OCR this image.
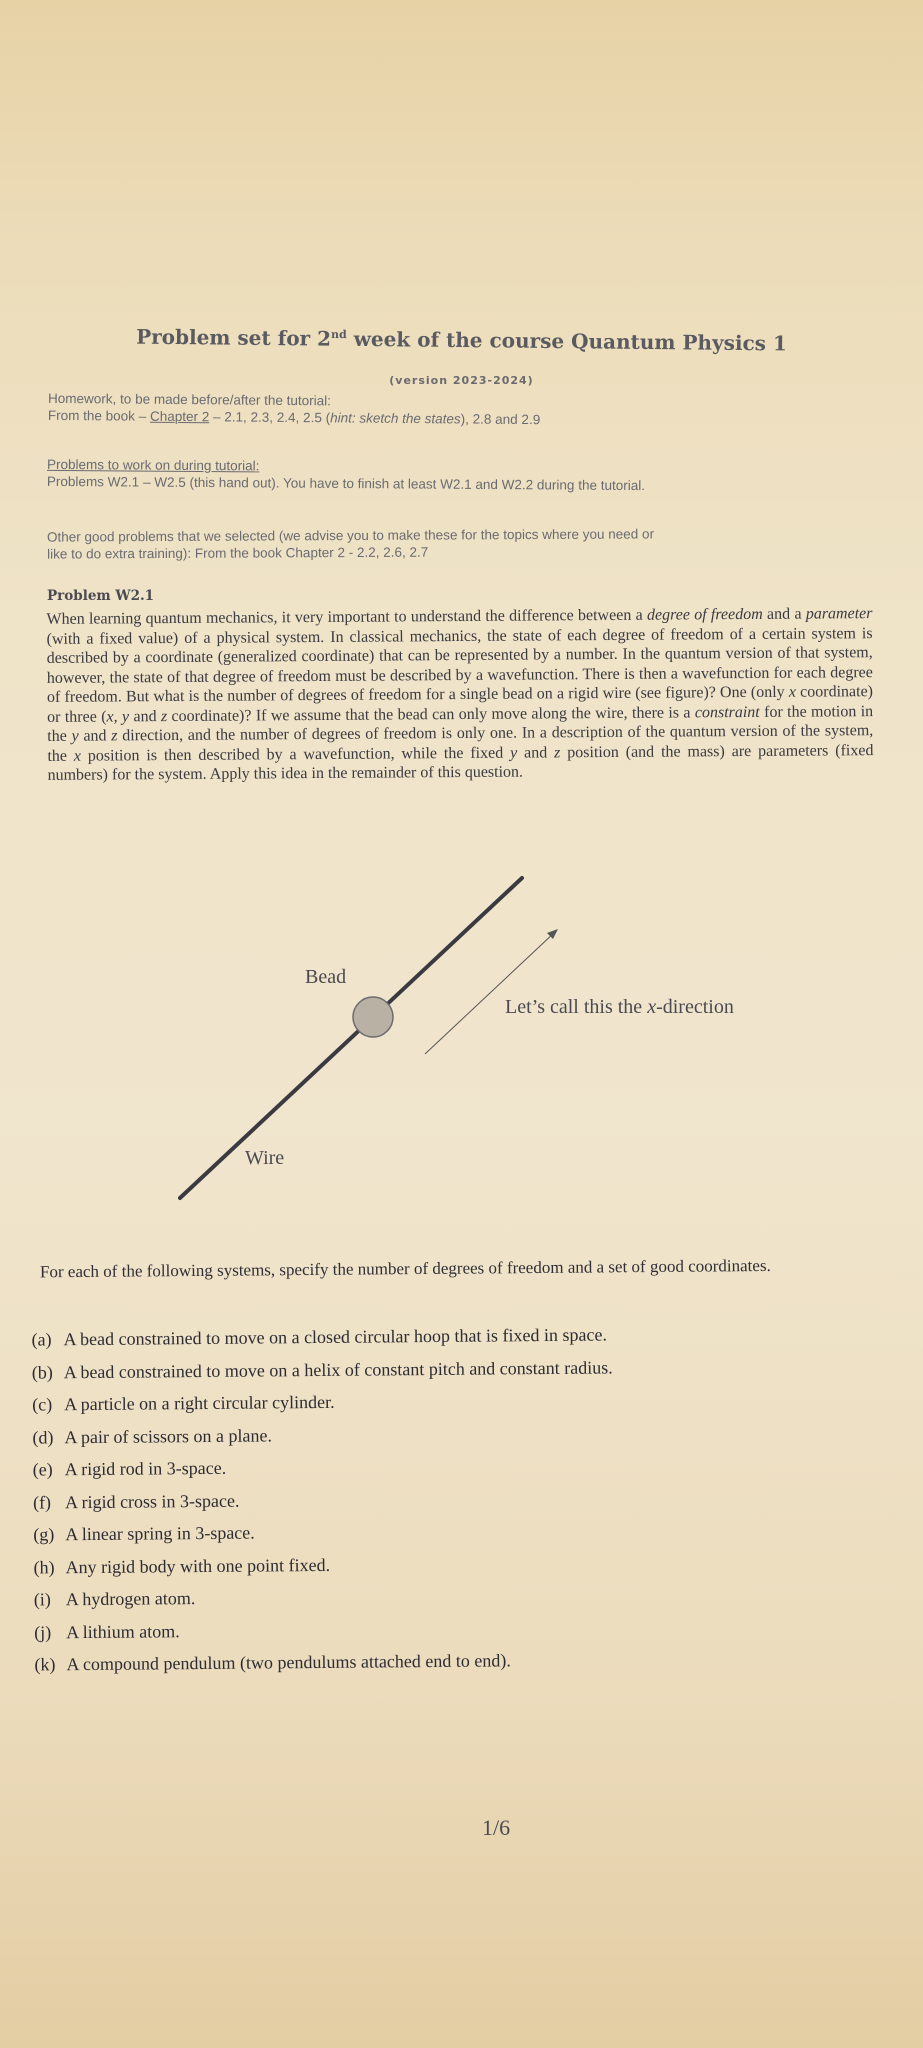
Problem set for 2nd week of the course Quantum Physics 1
(version 2023-2024)
Homework, to be made before/after the tutorial:
From the book – Chapter 2 – 2.1, 2.3, 2.4, 2.5 (hint: sketch the states), 2.8 and 2.9
Problems to work on during tutorial:
Problems W2.1 – W2.5 (this hand out). You have to finish at least W2.1 and W2.2 during the tutorial.
Other good problems that we selected (we advise you to make these for the topics where you need or
like to do extra training): From the book Chapter 2 - 2.2, 2.6, 2.7
Problem W2.1
When learning quantum mechanics, it very important to understand the difference between a degree of freedom and a parameter (with a fixed value) of a physical system. In classical mechanics, the state of each degree of freedom of a certain system is described by a coordinate (generalized coordinate) that can be represented by a number. In the quantum version of that system, however, the state of that degree of freedom must be described by a wavefunction. There is then a wavefunction for each degree of freedom. But what is the number of degrees of freedom for a single bead on a rigid wire (see figure)? One (only x coordinate) or three (x, y and z coordinate)? If we assume that the bead can only move along the wire, there is a constraint for the motion in the y and z direction, and the number of degrees of freedom is only one. In a description of the quantum version of the system, the x position is then described by a wavefunction, while the fixed y and z position (and the mass) are parameters (fixed numbers) for the system. Apply this idea in the remainder of this question.
Bead
Wire
Let’s call this the x-direction
For each of the following systems, specify the number of degrees of freedom and a set of good coordinates.
(a) A bead constrained to move on a closed circular hoop that is fixed in space.
(b) A bead constrained to move on a helix of constant pitch and constant radius.
(c) A particle on a right circular cylinder.
(d) A pair of scissors on a plane.
(e) A rigid rod in 3-space.
(f) A rigid cross in 3-space.
(g) A linear spring in 3-space.
(h) Any rigid body with one point fixed.
(i) A hydrogen atom.
(j) A lithium atom.
(k) A compound pendulum (two pendulums attached end to end).
1/6
